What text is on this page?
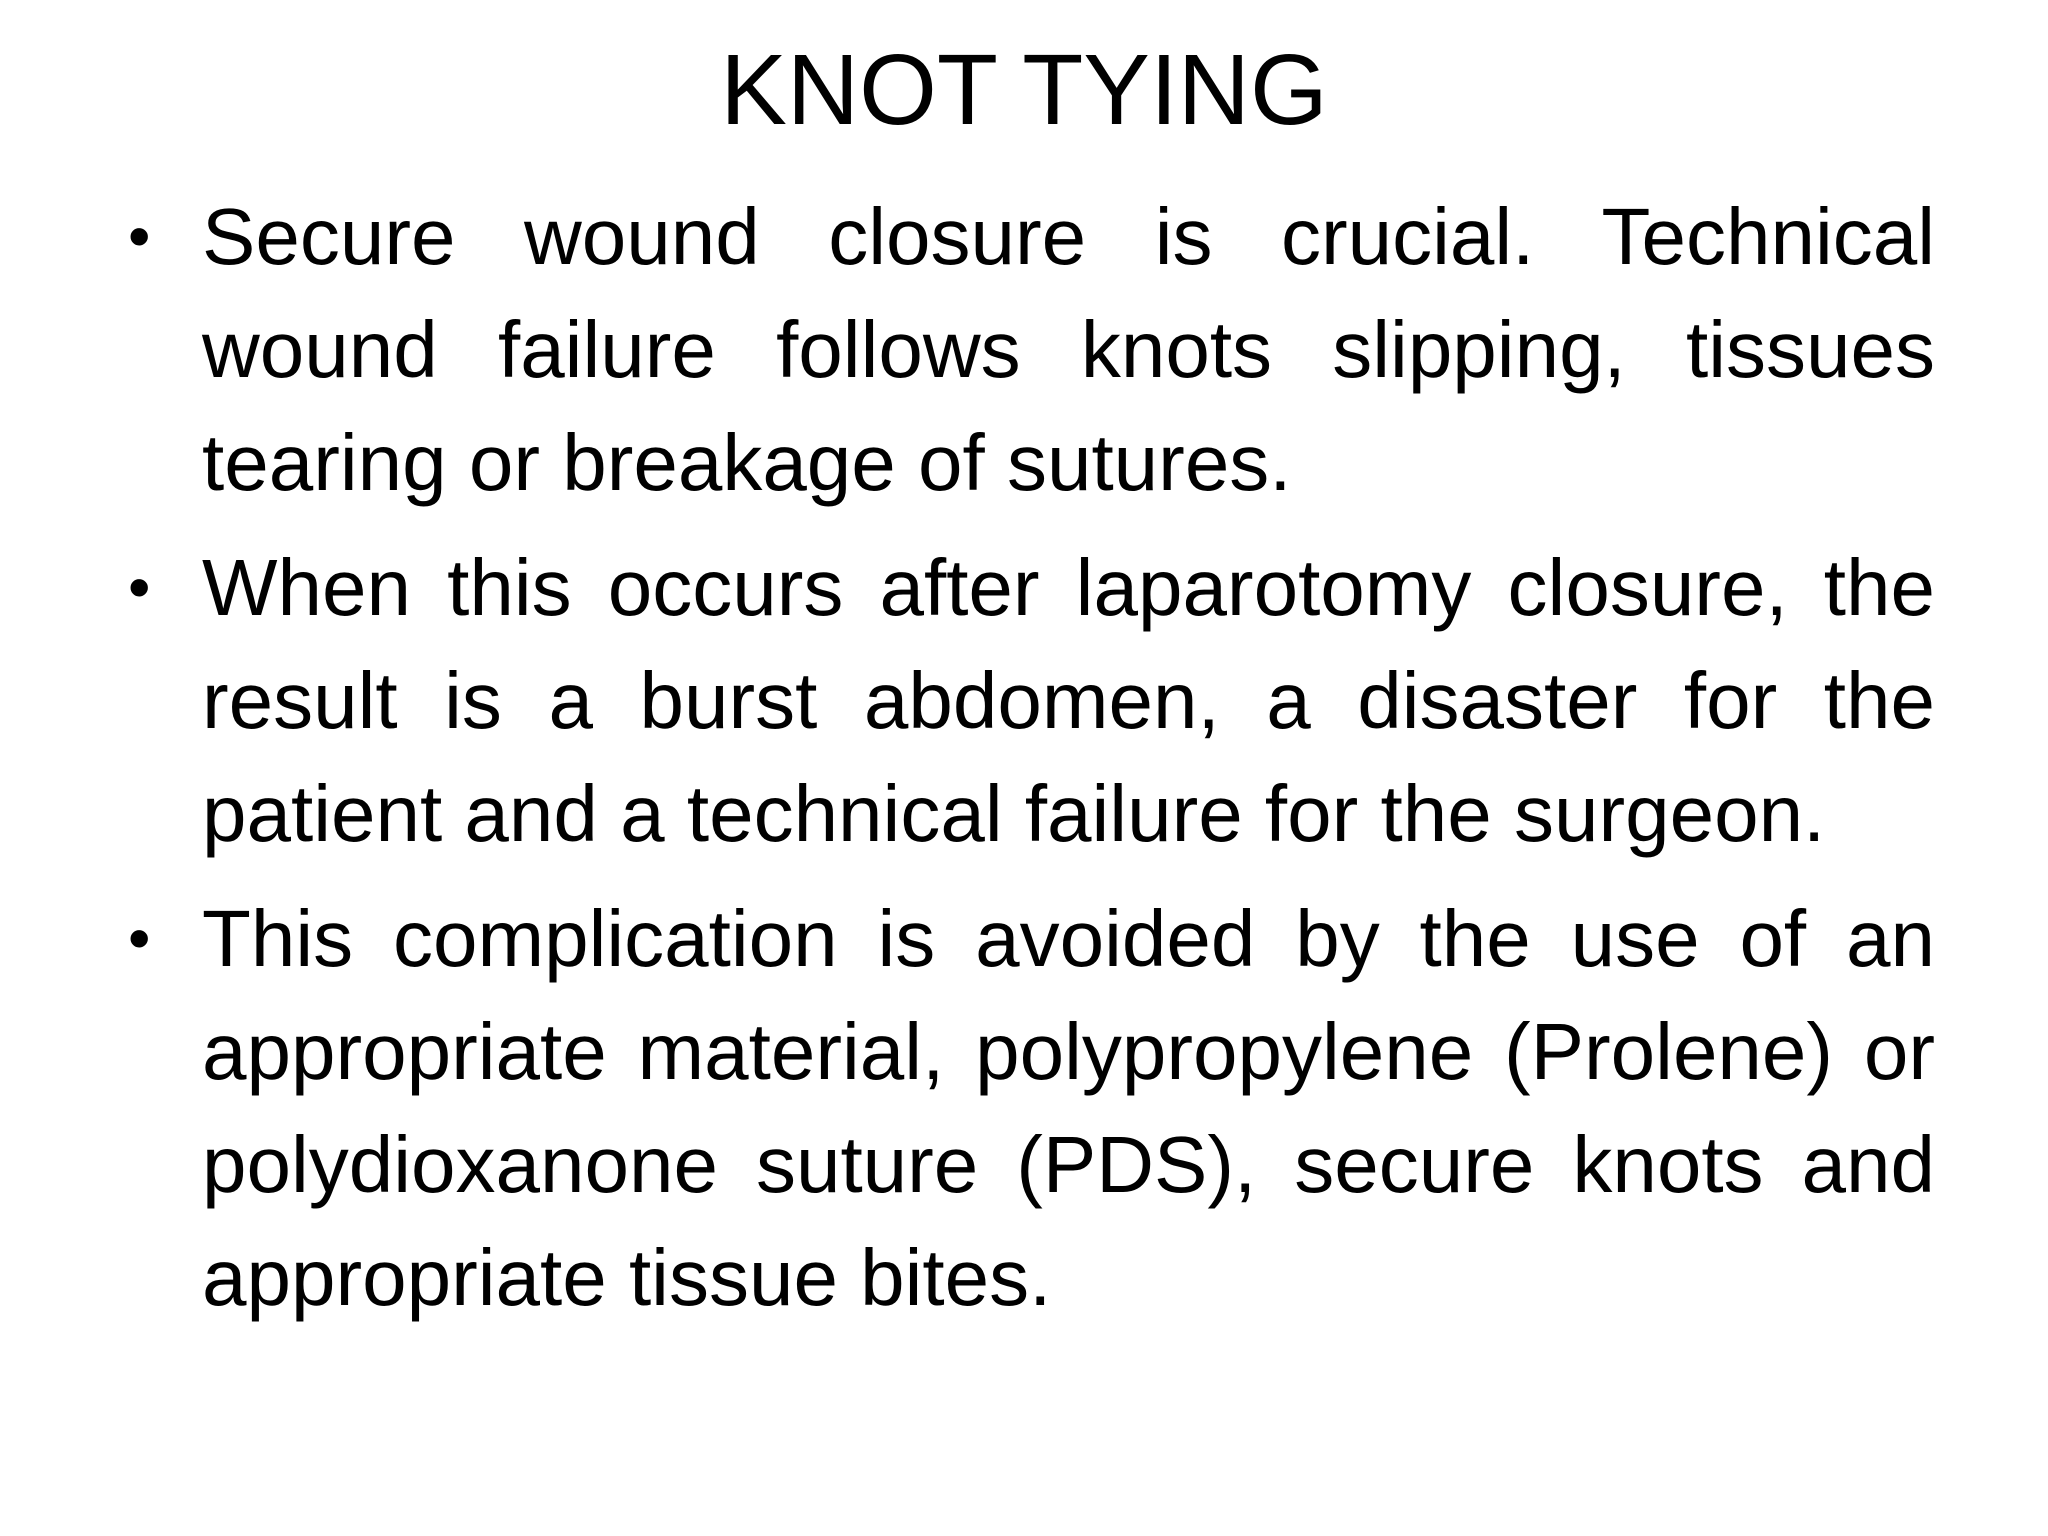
KNOT TYING
• Secure wound closure is crucial. Technical wound failure follows knots slipping, tissues tearing or breakage of sutures.
• When this occurs after laparotomy closure, the result is a burst abdomen, a disaster for the patient and a technical failure for the surgeon.
• This complication is avoided by the use of an appropriate material, polypropylene (Prolene) or polydioxanone suture (PDS), secure knots and appropriate tissue bites.
